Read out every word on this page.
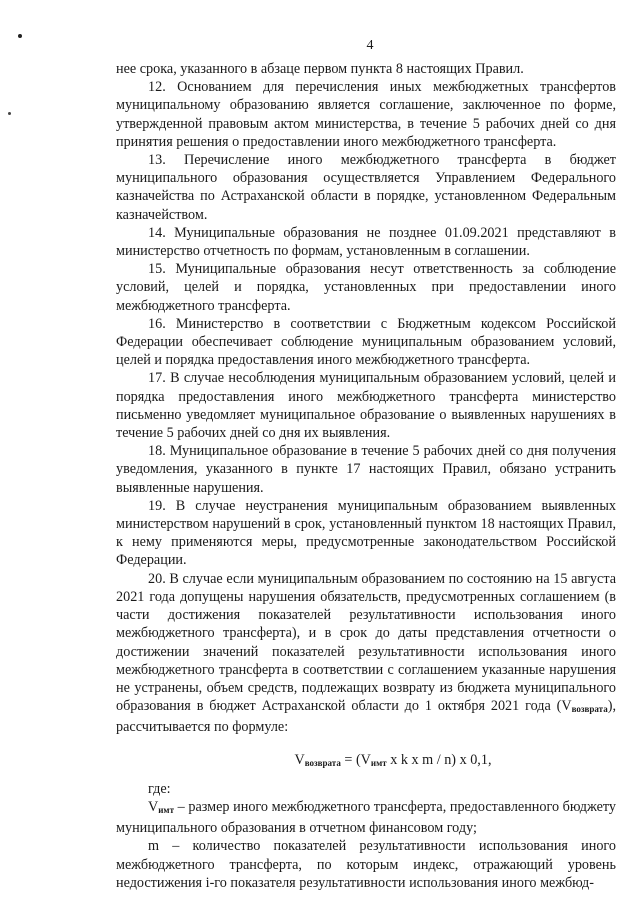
4

нее срока, указанного в абзаце первом пункта 8 настоящих Правил.

12. Основанием для перечисления иных межбюджетных трансфертов муниципальному образованию является соглашение, заключенное по форме, утвержденной правовым актом министерства, в течение 5 рабочих дней со дня принятия решения о предоставлении иного межбюджетного трансферта.

13. Перечисление иного межбюджетного трансферта в бюджет муниципального образования осуществляется Управлением Федерального казначейства по Астраханской области в порядке, установленном Федеральным казначейством.

14. Муниципальные образования не позднее 01.09.2021 представляют в министерство отчетность по формам, установленным в соглашении.

15. Муниципальные образования несут ответственность за соблюдение условий, целей и порядка, установленных при предоставлении иного межбюджетного трансферта.

16. Министерство в соответствии с Бюджетным кодексом Российской Федерации обеспечивает соблюдение муниципальным образованием условий, целей и порядка предоставления иного межбюджетного трансферта.

17. В случае несоблюдения муниципальным образованием условий, целей и порядка предоставления иного межбюджетного трансферта министерство письменно уведомляет муниципальное образование о выявленных нарушениях в течение 5 рабочих дней со дня их выявления.

18. Муниципальное образование в течение 5 рабочих дней со дня получения уведомления, указанного в пункте 17 настоящих Правил, обязано устранить выявленные нарушения.

19. В случае неустранения муниципальным образованием выявленных министерством нарушений в срок, установленный пунктом 18 настоящих Правил, к нему применяются меры, предусмотренные законодательством Российской Федерации.

20. В случае если муниципальным образованием по состоянию на 15 августа 2021 года допущены нарушения обязательств, предусмотренных соглашением (в части достижения показателей результативности использования иного межбюджетного трансферта), и в срок до даты представления отчетности о достижении значений показателей результативности использования иного межбюджетного трансферта в соответствии с соглашением указанные нарушения не устранены, объем средств, подлежащих возврату из бюджета муниципального образования в бюджет Астраханской области до 1 октября 2021 года $(V_{возврата})$, рассчитывается по формуле:

$V_{возврата} = (V_{имт}$ x k x m / n) x 0,1,

где:

$V_{имт}$ – размер иного межбюджетного трансферта, предоставленного бюджету муниципального образования в отчетном финансовом году;

m – количество показателей результативности использования иного межбюджетного трансферта, по которым индекс, отражающий уровень недостижения i-го показателя результативности использования иного межбюд-
